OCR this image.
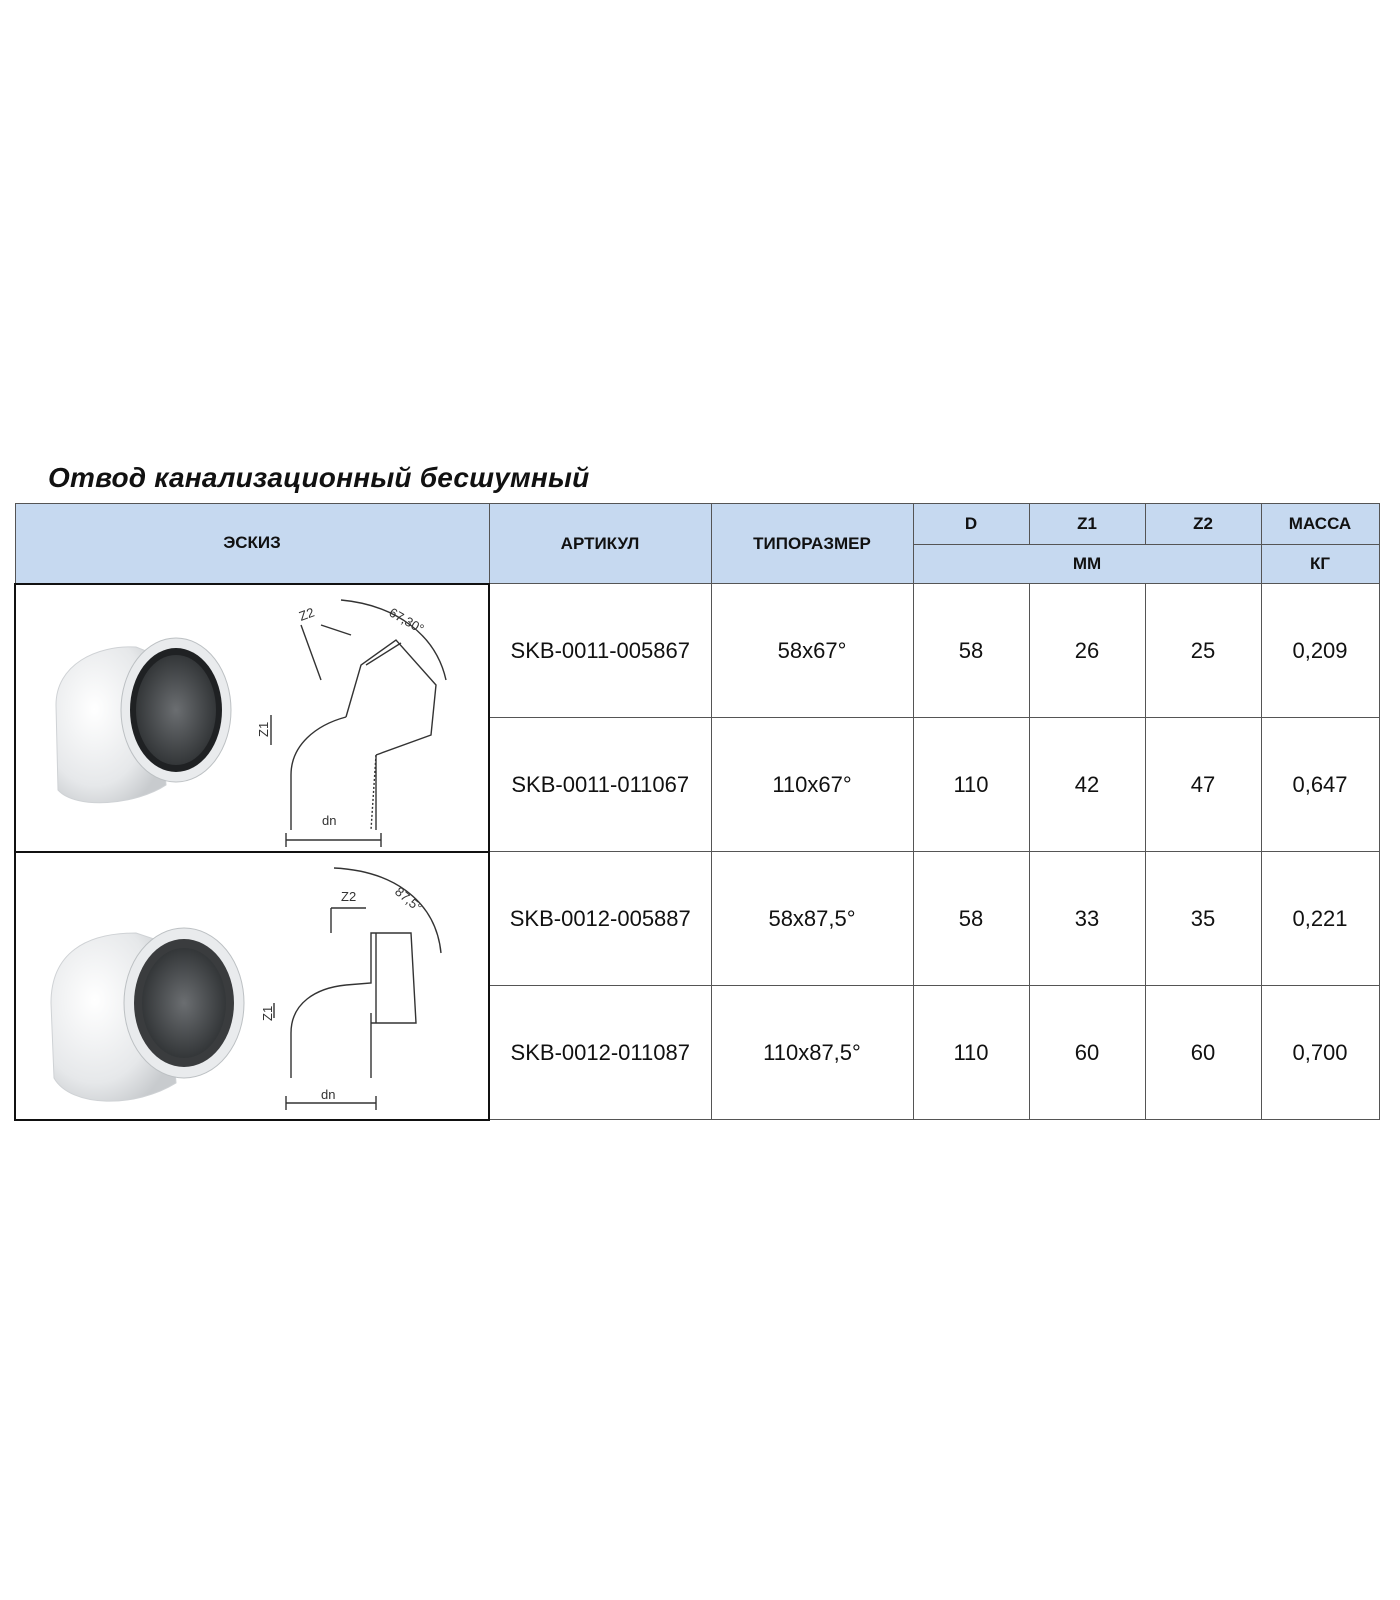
Отвод канализационный бесшумный
ЭСКИЗ	АРТИКУЛ	ТИПОРАЗМЕР	D	Z1	Z2	МАССА
			ММ			КГ

Z2 67,30°
Z1
dn	SKB-0011-005867	58x67°	58	26	25	0,209
	SKB-0011-011067	110x67°	110	42	47	0,647

Z2 87,5°
Z1
dn	SKB-0012-005887	58x87,5°	58	33	35	0,221
	SKB-0012-011087	110x87,5°	110	60	60	0,700
